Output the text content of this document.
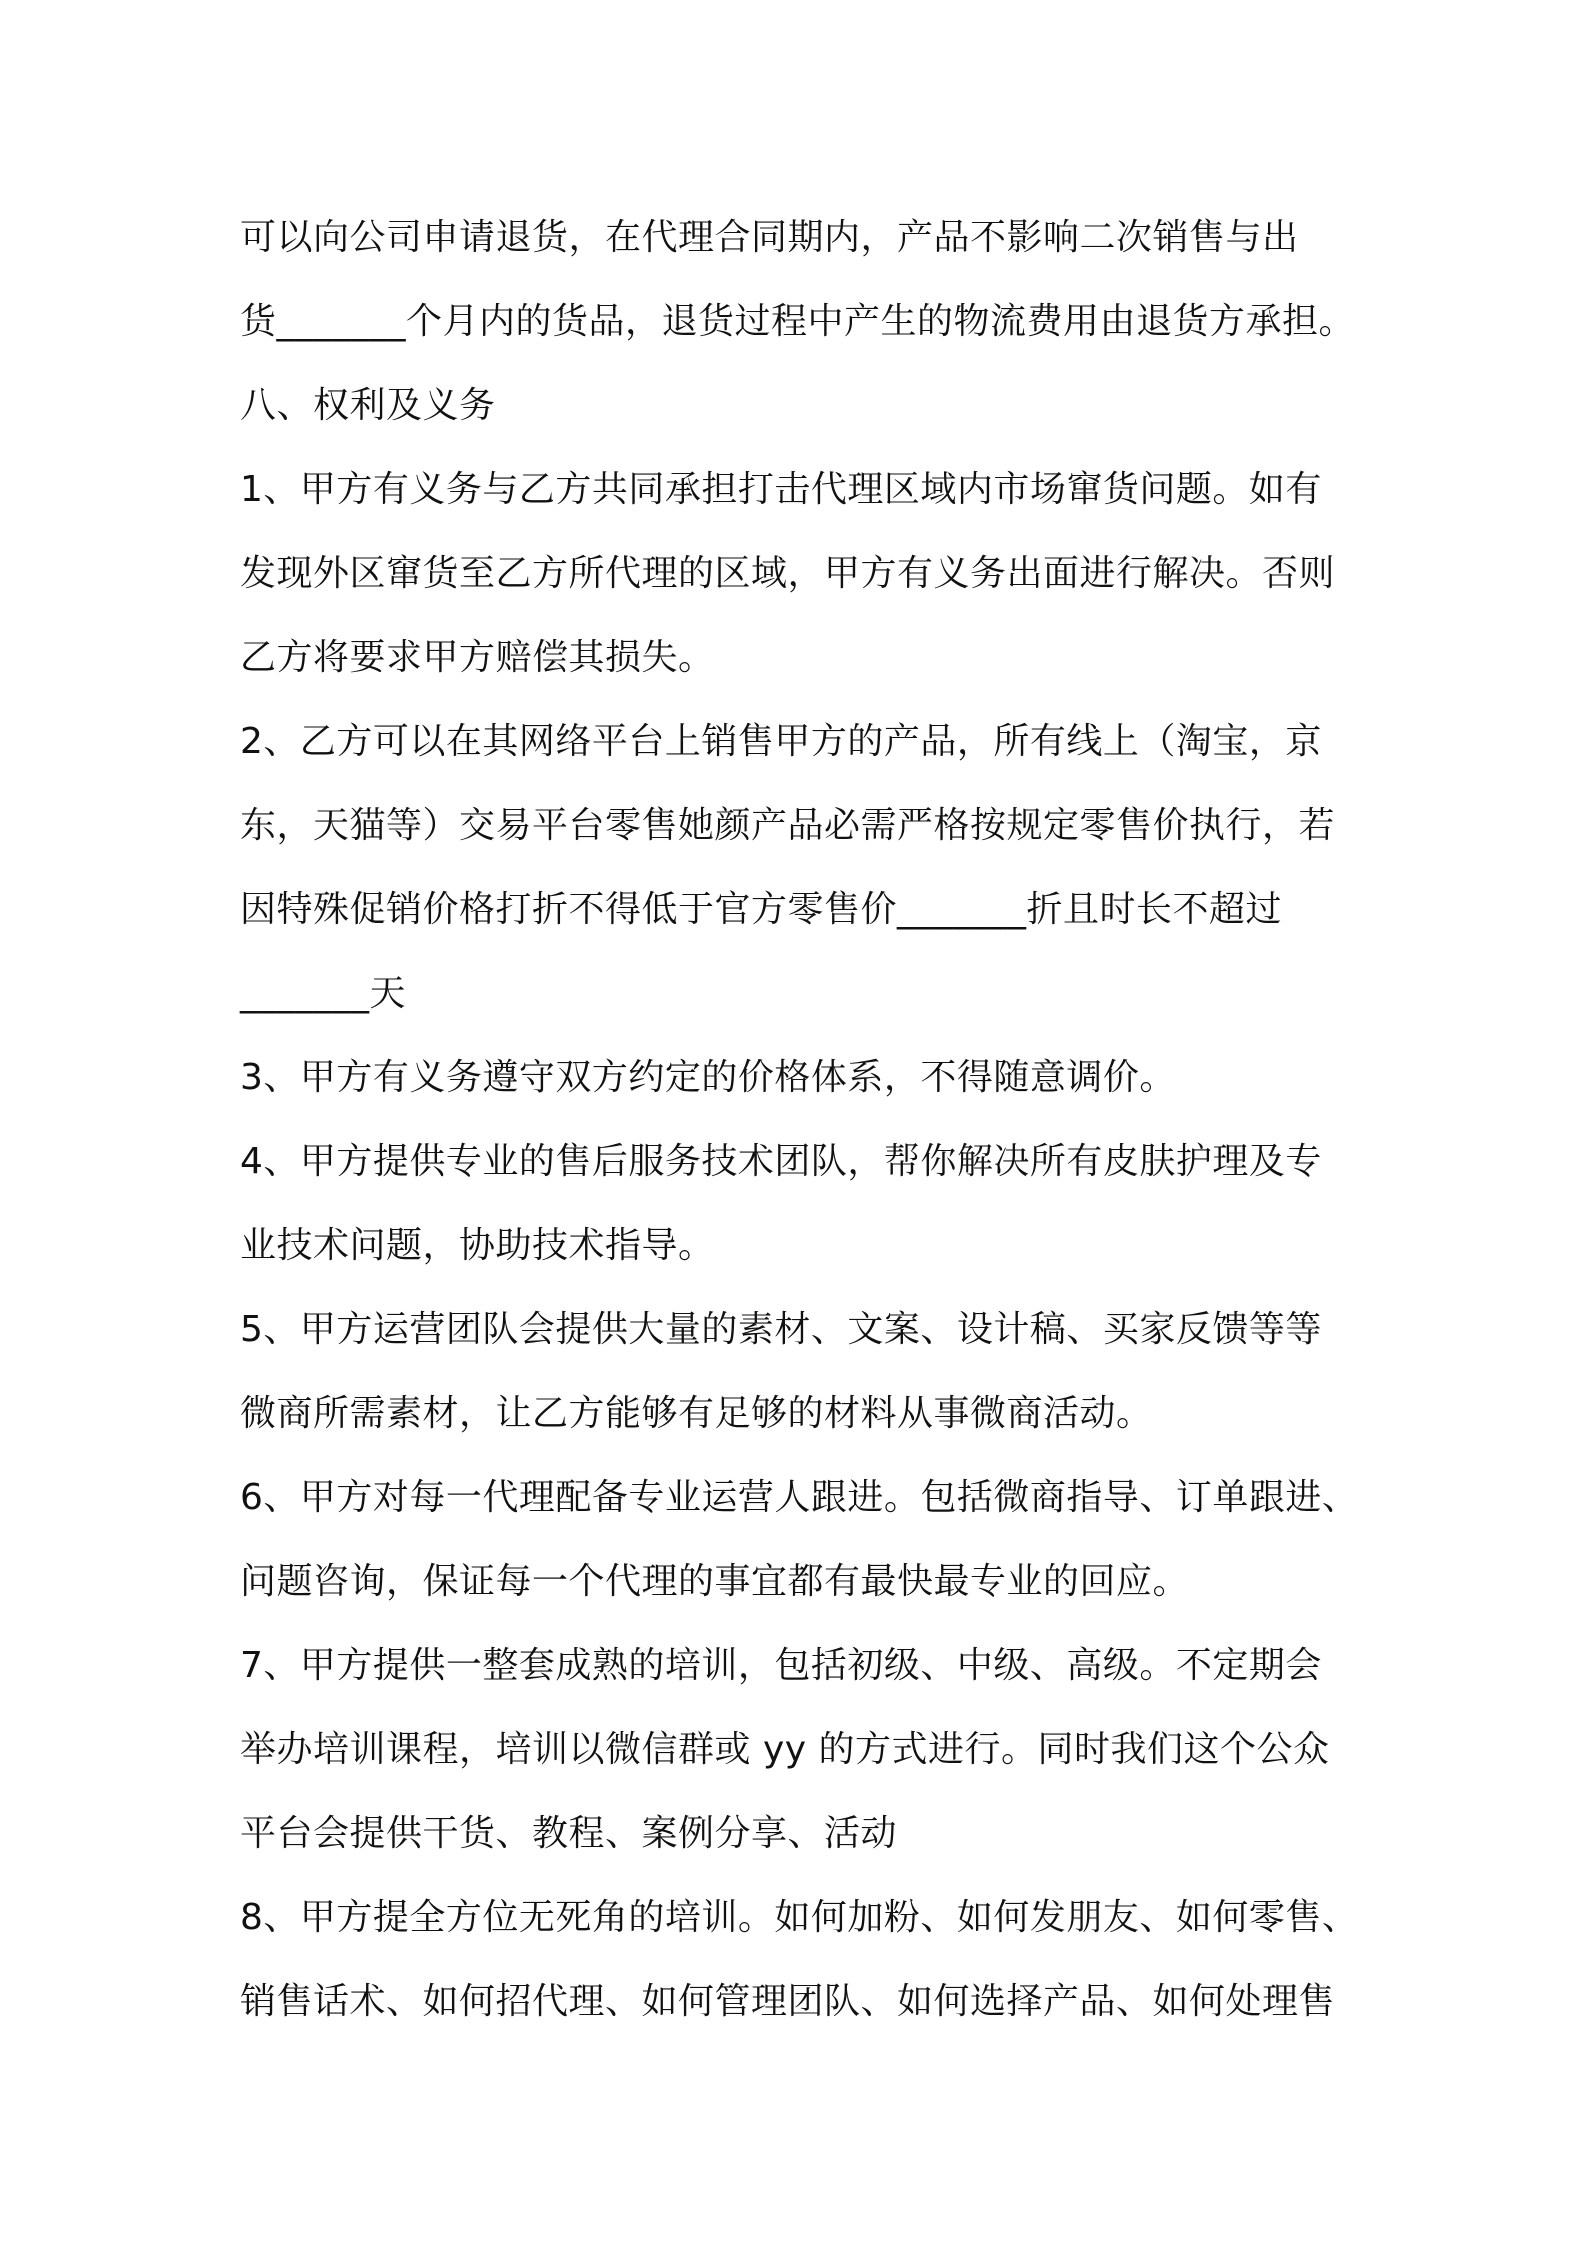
可以向公司申请退货，在代理合同期内，产品不影响二次销售与出
货_______个月内的货品，退货过程中产生的物流费用由退货方承担。
八、权利及义务
1、甲方有义务与乙方共同承担打击代理区域内市场窜货问题。如有
发现外区窜货至乙方所代理的区域，甲方有义务出面进行解决。否则
乙方将要求甲方赔偿其损失。
2、乙方可以在其网络平台上销售甲方的产品，所有线上（淘宝，京
东，天猫等）交易平台零售她颜产品必需严格按规定零售价执行，若
因特殊促销价格打折不得低于官方零售价_______折且时长不超过
_______天
3、甲方有义务遵守双方约定的价格体系，不得随意调价。
4、甲方提供专业的售后服务技术团队，帮你解决所有皮肤护理及专
业技术问题，协助技术指导。
5、甲方运营团队会提供大量的素材、文案、设计稿、买家反馈等等
微商所需素材，让乙方能够有足够的材料从事微商活动。
6、甲方对每一代理配备专业运营人跟进。包括微商指导、订单跟进、
问题咨询，保证每一个代理的事宜都有最快最专业的回应。
7、甲方提供一整套成熟的培训，包括初级、中级、高级。不定期会
举办培训课程，培训以微信群或 yy 的方式进行。同时我们这个公众
平台会提供干货、教程、案例分享、活动
8、甲方提全方位无死角的培训。如何加粉、如何发朋友、如何零售、
销售话术、如何招代理、如何管理团队、如何选择产品、如何处理售
